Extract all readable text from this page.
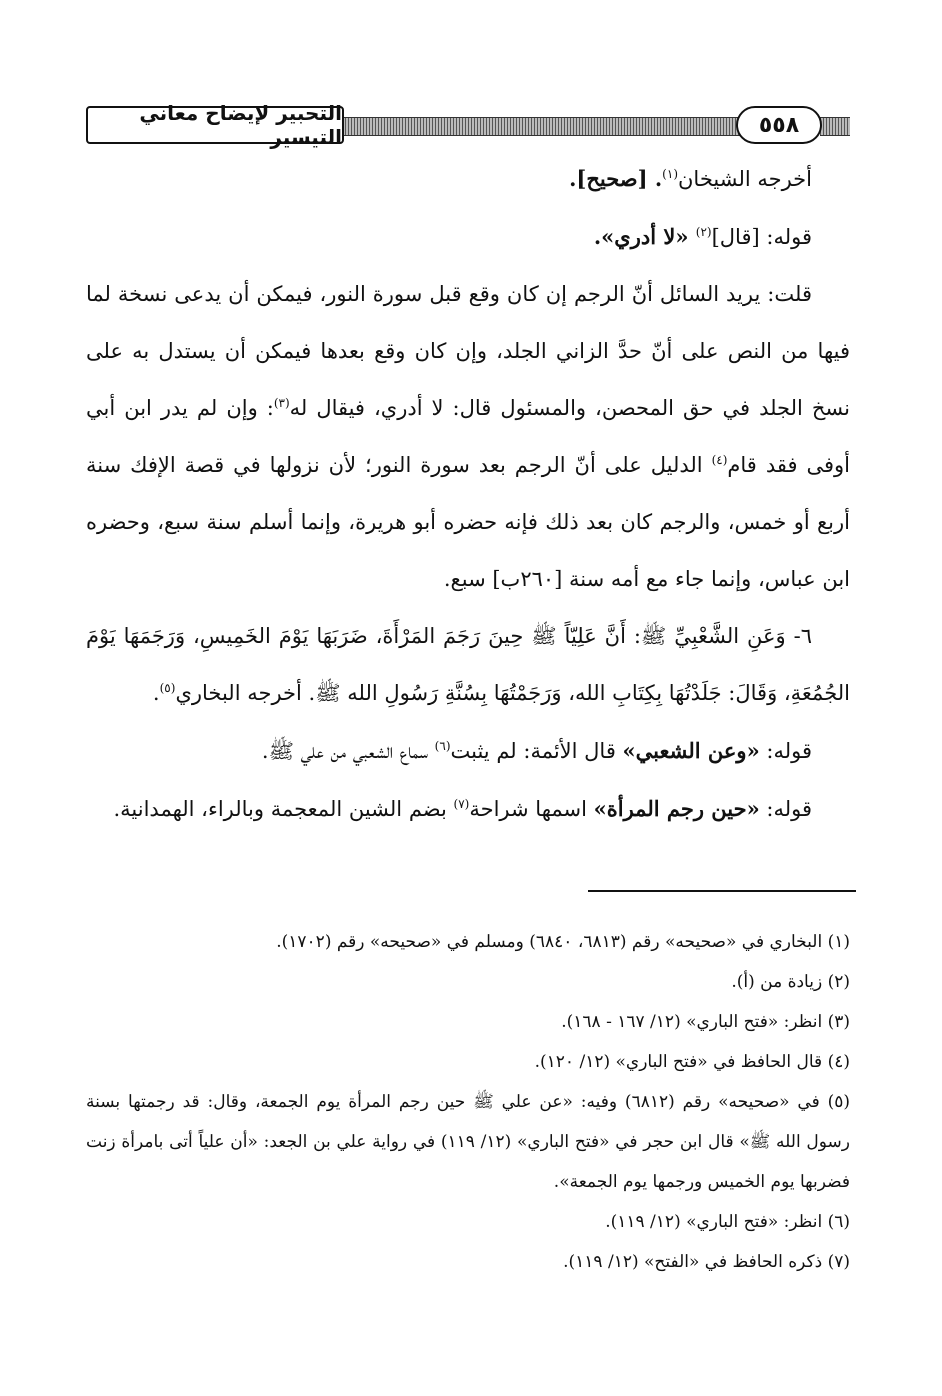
التحبير لإيضاح معاني التيسير	٥٥٨

أخرجه الشيخان$^{(١)}$. [صحيح].

قوله: [قال]$^{(٢)}$ «لا أدري».

قلت: يريد السائل أنّ الرجم إن كان وقع قبل سورة النور، فيمكن أن يدعى نسخة لما فيها من النص على أنّ حدَّ الزاني الجلد، وإن كان وقع بعدها فيمكن أن يستدل به على نسخ الجلد في حق المحصن، والمسئول قال: لا أدري، فيقال له$^{(٣)}$: وإن لم يدر ابن أبي أوفى فقد قام$^{(٤)}$ الدليل على أنّ الرجم بعد سورة النور؛ لأن نزولها في قصة الإفك سنة أربع أو خمس، والرجم كان بعد ذلك فإنه حضره أبو هريرة، وإنما أسلم سنة سبع، وحضره ابن عباس، وإنما جاء مع أمه سنة [٢٦٠ب] سبع.

٦- وَعَنِ الشَّعْبِيِّ ﷺ: أَنَّ عَلِيّاً ﷺ حِينَ رَجَمَ المَرْأَةَ، ضَرَبَهَا يَوْمَ الخَمِيسِ، وَرَجَمَهَا يَوْمَ الجُمُعَةِ، وَقَالَ: جَلَدْتُهَا بِكِتَابِ الله، وَرَجَمْتُهَا بِسُنَّةِ رَسُولِ الله ﷺ. أخرجه البخاري$^{(٥)}$.

قوله: «وعن الشعبي» قال الأئمة: لم يثبت$^{(٦)}$ سماع الشعبي من علي ﷺ.

قوله: «حين رجم المرأة» اسمها شراحة$^{(٧)}$ بضم الشين المعجمة وبالراء، الهمدانية.

(١) البخاري في «صحيحه» رقم (٦٨١٣، ٦٨٤٠) ومسلم في «صحيحه» رقم (١٧٠٢).

(٢) زيادة من (أ).

(٣) انظر: «فتح الباري» (١٢/ ١٦٧ - ١٦٨).

(٤) قال الحافظ في «فتح الباري» (١٢/ ١٢٠).

(٥) في «صحيحه» رقم (٦٨١٢) وفيه: «عن علي ﷺ حين رجم المرأة يوم الجمعة، وقال: قد رجمتها بسنة رسول الله ﷺ» قال ابن حجر في «فتح الباري» (١٢/ ١١٩) في رواية علي بن الجعد: «أن علياً أتى بامرأة زنت فضربها يوم الخميس ورجمها يوم الجمعة».

(٦) انظر: «فتح الباري» (١٢/ ١١٩).

(٧) ذكره الحافظ في «الفتح» (١٢/ ١١٩).
